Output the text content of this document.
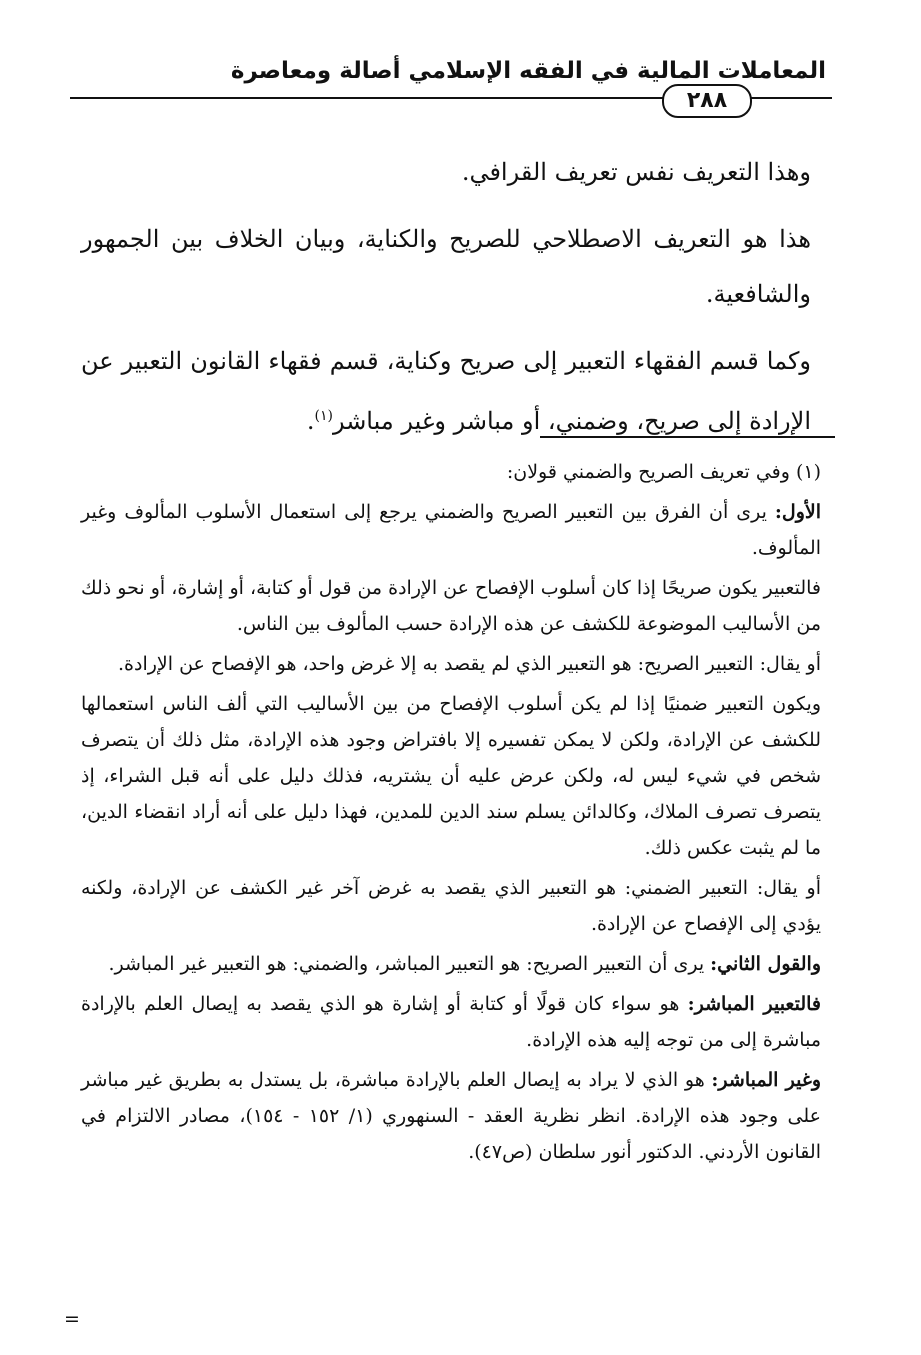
المعاملات المالية في الفقه الإسلامي أصالة ومعاصرة
٢٨٨

وهذا التعريف نفس تعريف القرافي.

هذا هو التعريف الاصطلاحي للصريح والكناية، وبيان الخلاف بين الجمهور والشافعية.

وكما قسم الفقهاء التعبير إلى صريح وكناية، قسم فقهاء القانون التعبير عن الإرادة إلى صريح، وضمني، أو مباشر وغير مباشر$^{(١)}$.

(١)وفي تعريف الصريح والضمني قولان:

الأول: يرى أن الفرق بين التعبير الصريح والضمني يرجع إلى استعمال الأسلوب المألوف وغير المألوف.

فالتعبير يكون صريحًا إذا كان أسلوب الإفصاح عن الإرادة من قول أو كتابة، أو إشارة، أو نحو ذلك من الأساليب الموضوعة للكشف عن هذه الإرادة حسب المألوف بين الناس.

أو يقال: التعبير الصريح: هو التعبير الذي لم يقصد به إلا غرض واحد، هو الإفصاح عن الإرادة.

ويكون التعبير ضمنيًا إذا لم يكن أسلوب الإفصاح من بين الأساليب التي ألف الناس استعمالها للكشف عن الإرادة، ولكن لا يمكن تفسيره إلا بافتراض وجود هذه الإرادة، مثل ذلك أن يتصرف شخص في شيء ليس له، ولكن عرض عليه أن يشتريه، فذلك دليل على أنه قبل الشراء، إذ يتصرف تصرف الملاك، وكالدائن يسلم سند الدين للمدين، فهذا دليل على أنه أراد انقضاء الدين، ما لم يثبت عكس ذلك.

أو يقال: التعبير الضمني: هو التعبير الذي يقصد به غرض آخر غير الكشف عن الإرادة، ولكنه يؤدي إلى الإفصاح عن الإرادة.

والقول الثاني: يرى أن التعبير الصريح: هو التعبير المباشر، والضمني: هو التعبير غير المباشر.

فالتعبير المباشر: هو سواء كان قولًا أو كتابة أو إشارة هو الذي يقصد به إيصال العلم بالإرادة مباشرة إلى من توجه إليه هذه الإرادة.

وغير المباشر: هو الذي لا يراد به إيصال العلم بالإرادة مباشرة، بل يستدل به بطريق غير مباشر على وجود هذه الإرادة. انظر نظرية العقد - السنهوري (١/ ١٥٢ - ١٥٤)، مصادر الالتزام في القانون الأردني. الدكتور أنور سلطان (ص٤٧).

=
